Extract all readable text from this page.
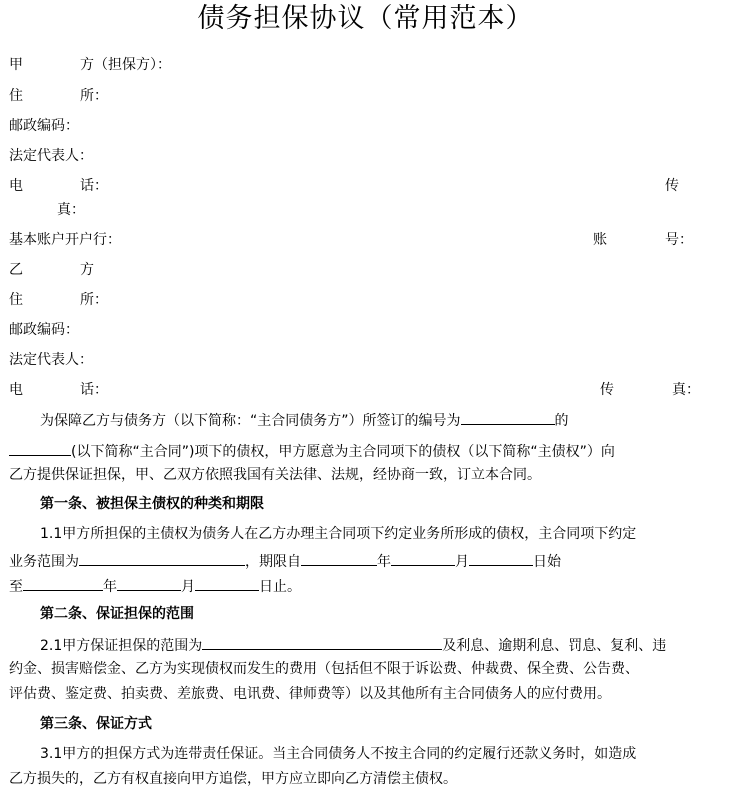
债务担保协议（常用范本）
甲	方（担保方）：
住	所：
邮政编码：
法定代表人：
电	话：	传
真：
基本账户开户行：	账	号：
乙	方
住	所：
邮政编码：
法定代表人：
电	话：	传	真：
为保障乙方与债务方（以下简称：“主合同债务方”）所签订的编号为	的
(以下简称“主合同”)项下的债权，甲方愿意为主合同项下的债权（以下简称“主债权”）向
乙方提供保证担保，甲、乙双方依照我国有关法律、法规，经协商一致，订立本合同。
第一条、被担保主债权的种类和期限
1.1甲方所担保的主债权为债务人在乙方办理主合同项下约定业务所形成的债权，主合同项下约定
业务范围为	，期限自	年	月	日始
至	年	月	日止。
第二条、保证担保的范围
2.1甲方保证担保的范围为	及利息、逾期利息、罚息、复利、违
约金、损害赔偿金、乙方为实现债权而发生的费用（包括但不限于诉讼费、仲裁费、保全费、公告费、
评估费、鉴定费、拍卖费、差旅费、电讯费、律师费等）以及其他所有主合同债务人的应付费用。
第三条、保证方式
3.1甲方的担保方式为连带责任保证。当主合同债务人不按主合同的约定履行还款义务时，如造成
乙方损失的，乙方有权直接向甲方追偿，甲方应立即向乙方清偿主债权。
